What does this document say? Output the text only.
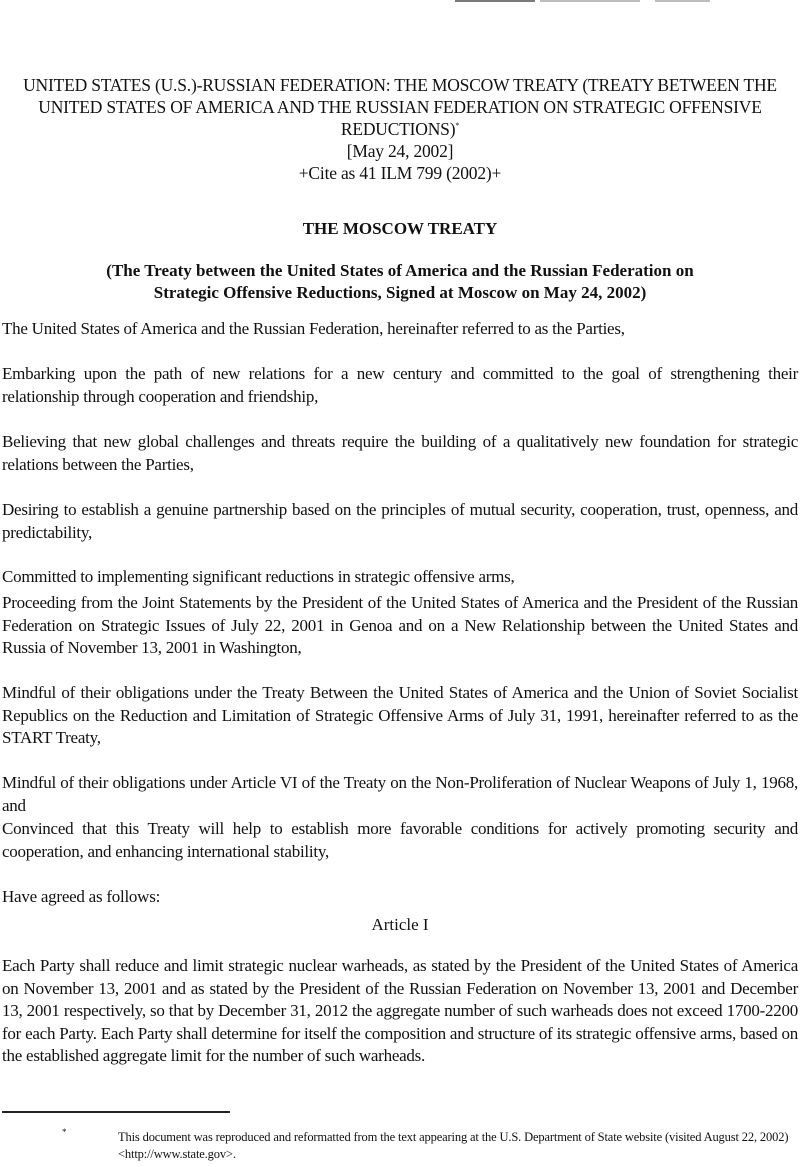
UNITED STATES (U.S.)-RUSSIAN FEDERATION: THE MOSCOW TREATY (TREATY BETWEEN THE
UNITED STATES OF AMERICA AND THE RUSSIAN FEDERATION ON STRATEGIC OFFENSIVE
REDUCTIONS)*
[May 24, 2002]
+Cite as 41 ILM 799 (2002)+
THE MOSCOW TREATY
(The Treaty between the United States of America and the Russian Federation on
Strategic Offensive Reductions, Signed at Moscow on May 24, 2002)
The United States of America and the Russian Federation, hereinafter referred to as the Parties,
Embarking upon the path of new relations for a new century and committed to the goal of strengthening their relationship through cooperation and friendship,
Believing that new global challenges and threats require the building of a qualitatively new foundation for strategic relations between the Parties,
Desiring to establish a genuine partnership based on the principles of mutual security, cooperation, trust, openness, and predictability,
Committed to implementing significant reductions in strategic offensive arms,
Proceeding from the Joint Statements by the President of the United States of America and the President of the Russian Federation on Strategic Issues of July 22, 2001 in Genoa and on a New Relationship between the United States and Russia of November 13, 2001 in Washington,
Mindful of their obligations under the Treaty Between the United States of America and the Union of Soviet Socialist Republics on the Reduction and Limitation of Strategic Offensive Arms of July 31, 1991, hereinafter referred to as the START Treaty,
Mindful of their obligations under Article VI of the Treaty on the Non-Proliferation of Nuclear Weapons of July 1, 1968, and
Convinced that this Treaty will help to establish more favorable conditions for actively promoting security and cooperation, and enhancing international stability,
Have agreed as follows:
Article I
Each Party shall reduce and limit strategic nuclear warheads, as stated by the President of the United States of America on November 13, 2001 and as stated by the President of the Russian Federation on November 13, 2001 and December 13, 2001 respectively, so that by December 31, 2012 the aggregate number of such warheads does not exceed 1700-2200 for each Party. Each Party shall determine for itself the composition and structure of its strategic offensive arms, based on the established aggregate limit for the number of such warheads.
*	This document was reproduced and reformatted from the text appearing at the U.S. Department of State website (visited August 22, 2002) <http://www.state.gov>.
